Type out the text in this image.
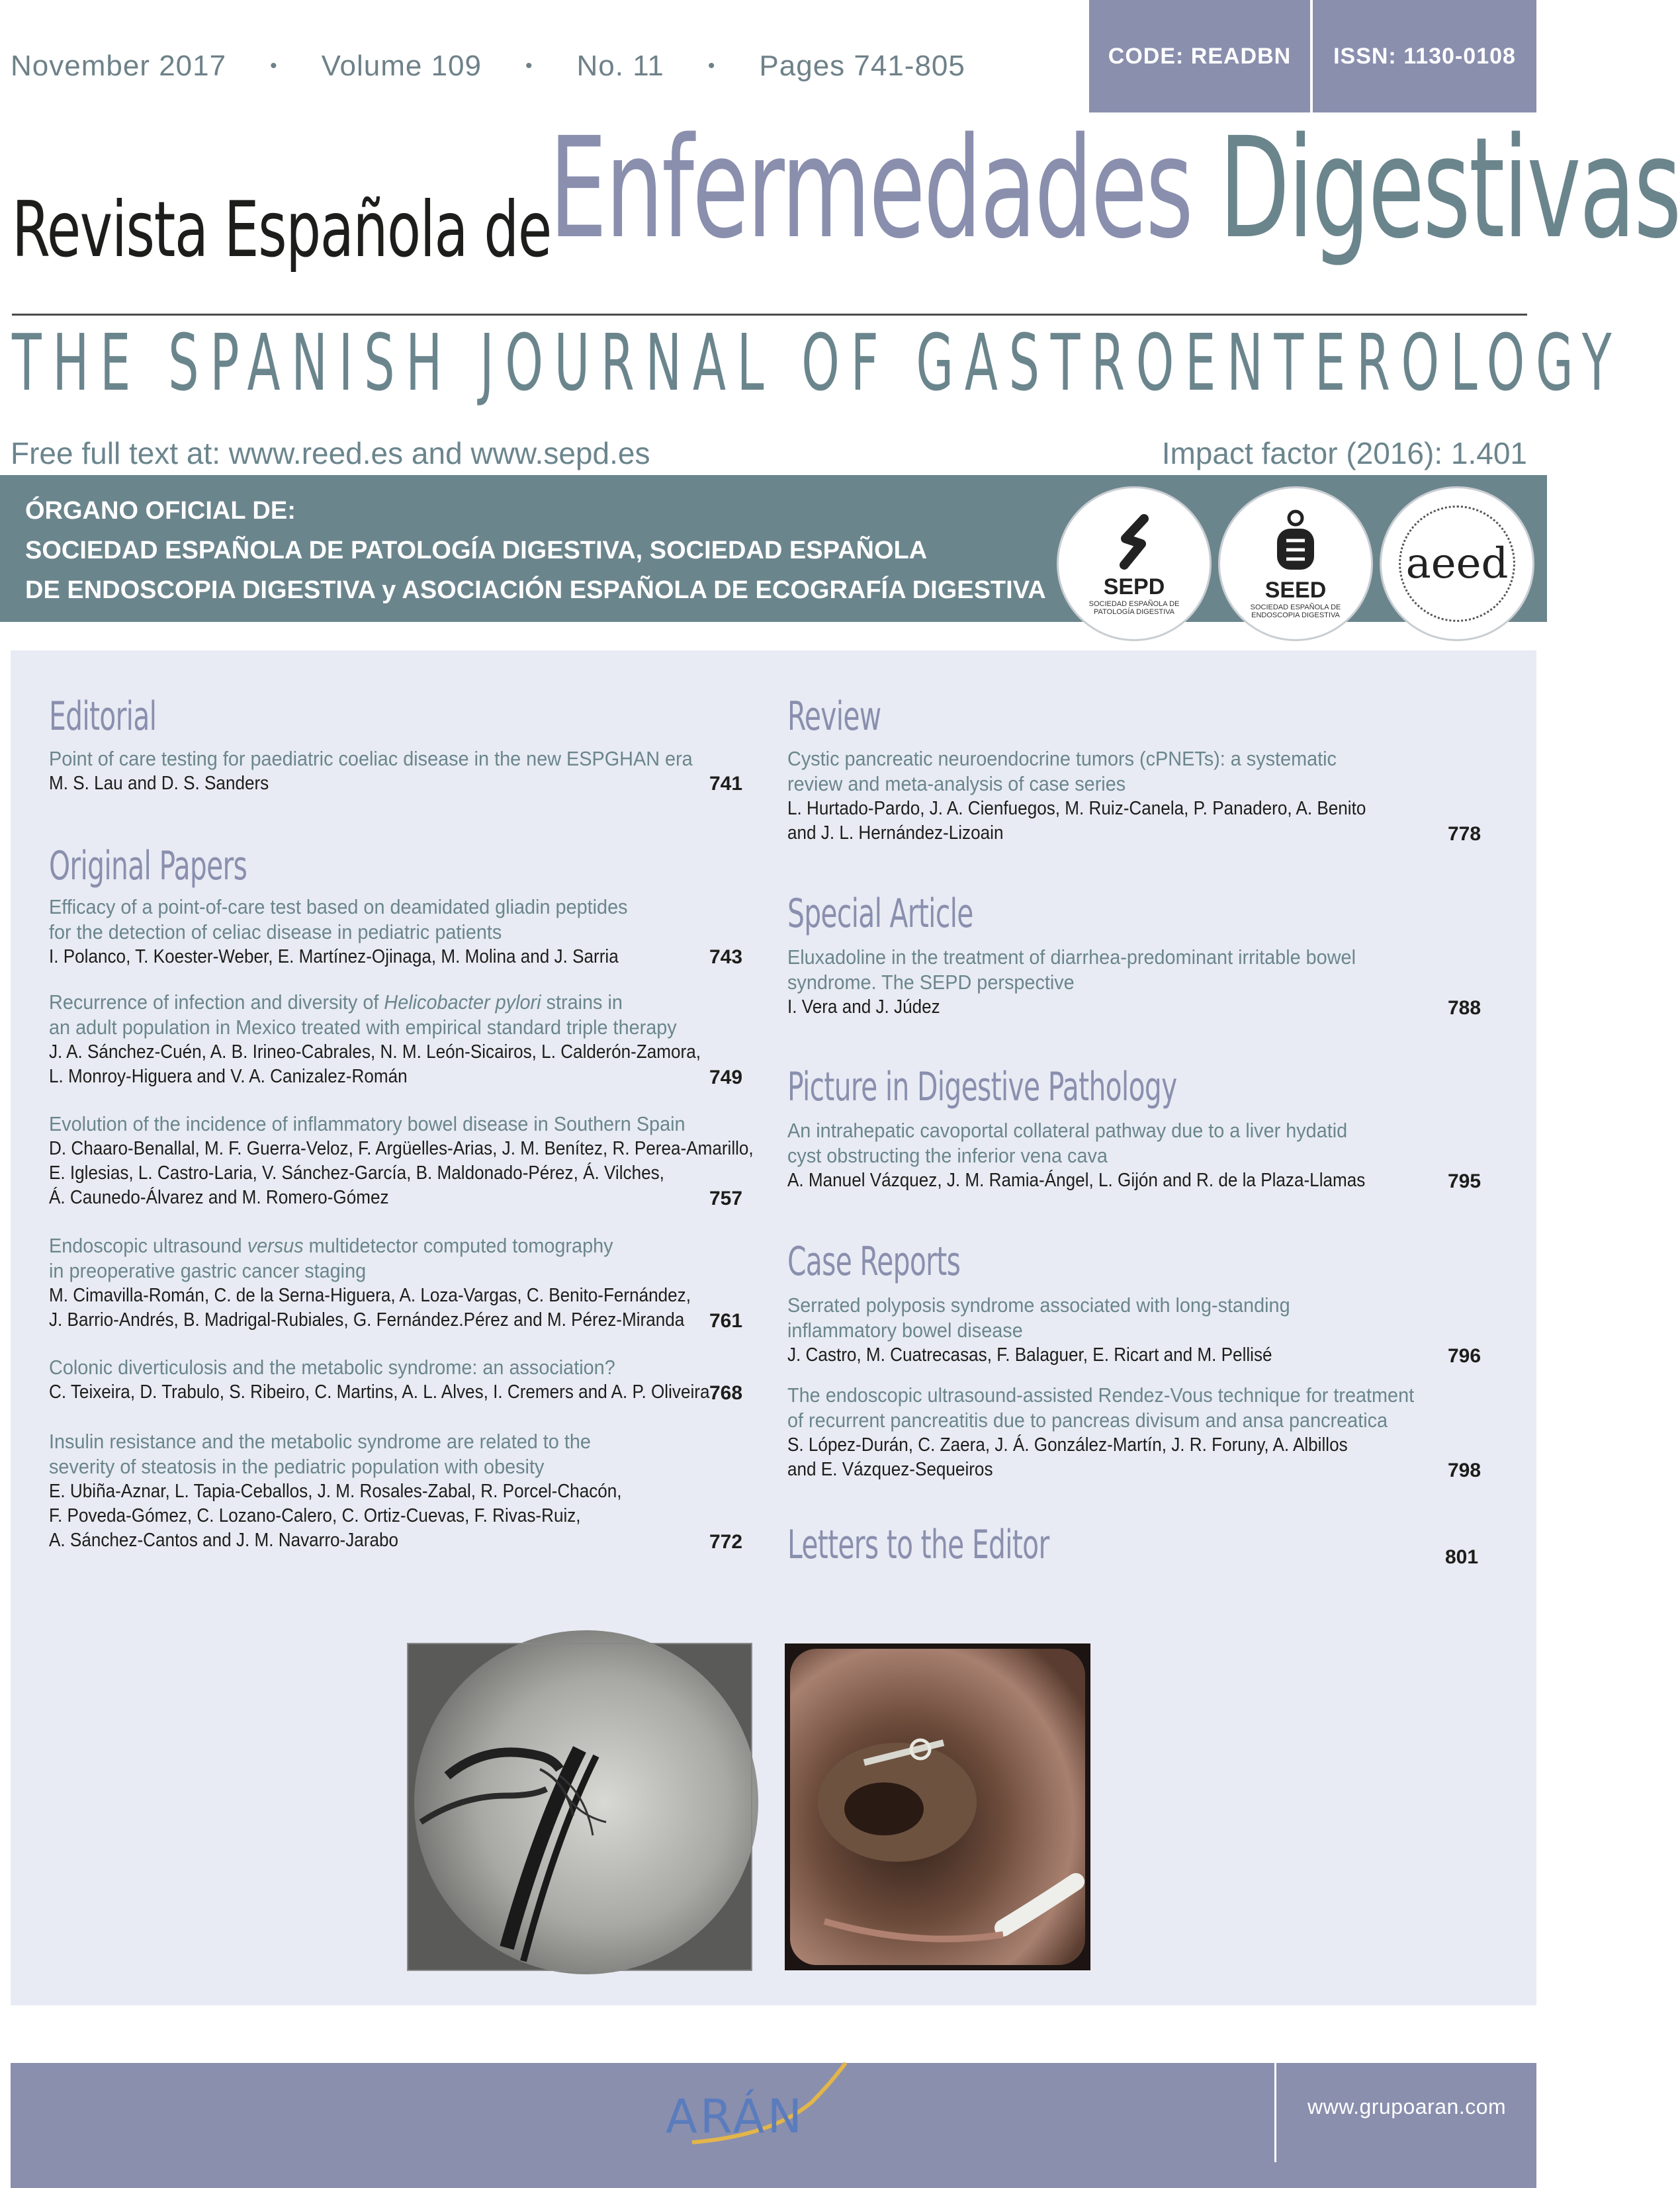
November 2017 • Volume 109 • No. 11 • Pages 741-805	CODE: READBN	ISSN: 1130-0108
Revista Española de
Enfermedades Digestivas
THE SPANISH JOURNAL OF GASTROENTEROLOGY
Free full text at: www.reed.es and www.sepd.es	Impact factor (2016): 1.401
ÓRGANO OFICIAL DE:
SOCIEDAD ESPAÑOLA DE PATOLOGÍA DIGESTIVA, SOCIEDAD ESPAÑOLA
DE ENDOSCOPIA DIGESTIVA y ASOCIACIÓN ESPAÑOLA DE ECOGRAFÍA DIGESTIVA	SEPD
SOCIEDAD ESPAÑOLA DE PATOLOGÍA DIGESTIVA
SEED
SOCIEDAD ESPAÑOLA DE ENDOSCOPIA DIGESTIVA
aeed
Editorial
Point of care testing for paediatric coeliac disease in the new ESPGHAN era
M. S. Lau and D. S. Sanders	741
Original Papers
Efficacy of a point-of-care test based on deamidated gliadin peptides
for the detection of celiac disease in pediatric patients
I. Polanco, T. Koester-Weber, E. Martínez-Ojinaga, M. Molina and J. Sarria	743
Recurrence of infection and diversity of Helicobacter pylori strains in
an adult population in Mexico treated with empirical standard triple therapy
J. A. Sánchez-Cuén, A. B. Irineo-Cabrales, N. M. León-Sicairos, L. Calderón-Zamora,
L. Monroy-Higuera and V. A. Canizalez-Román	749
Evolution of the incidence of inflammatory bowel disease in Southern Spain
D. Chaaro-Benallal, M. F. Guerra-Veloz, F. Argüelles-Arias, J. M. Benítez, R. Perea-Amarillo,
E. Iglesias, L. Castro-Laria, V. Sánchez-García, B. Maldonado-Pérez, Á. Vilches,
Á. Caunedo-Álvarez and M. Romero-Gómez	757
Endoscopic ultrasound versus multidetector computed tomography
in preoperative gastric cancer staging
M. Cimavilla-Román, C. de la Serna-Higuera, A. Loza-Vargas, C. Benito-Fernández,
J. Barrio-Andrés, B. Madrigal-Rubiales, G. Fernández.Pérez and M. Pérez-Miranda 761
Colonic diverticulosis and the metabolic syndrome: an association?
C. Teixeira, D. Trabulo, S. Ribeiro, C. Martins, A. L. Alves, I. Cremers and A. P. Oliveira 768
Insulin resistance and the metabolic syndrome are related to the
severity of steatosis in the pediatric population with obesity
E. Ubiña-Aznar, L. Tapia-Ceballos, J. M. Rosales-Zabal, R. Porcel-Chacón,
F. Poveda-Gómez, C. Lozano-Calero, C. Ortiz-Cuevas, F. Rivas-Ruiz,
A. Sánchez-Cantos and J. M. Navarro-Jarabo	772
Review
Cystic pancreatic neuroendocrine tumors (cPNETs): a systematic
review and meta-analysis of case series
L. Hurtado-Pardo, J. A. Cienfuegos, M. Ruiz-Canela, P. Panadero, A. Benito
and J. L. Hernández-Lizoain	778
Special Article
Eluxadoline in the treatment of diarrhea-predominant irritable bowel
syndrome. The SEPD perspective
I. Vera and J. Júdez	788
Picture in Digestive Pathology
An intrahepatic cavoportal collateral pathway due to a liver hydatid
cyst obstructing the inferior vena cava
A. Manuel Vázquez, J. M. Ramia-Ángel, L. Gijón and R. de la Plaza-Llamas	795
Case Reports
Serrated polyposis syndrome associated with long-standing
inflammatory bowel disease
J. Castro, M. Cuatrecasas, F. Balaguer, E. Ricart and M. Pellisé	796
The endoscopic ultrasound-assisted Rendez-Vous technique for treatment
of recurrent pancreatitis due to pancreas divisum and ansa pancreatica
S. López-Durán, C. Zaera, J. Á. González-Martín, J. R. Foruny, A. Albillos
and E. Vázquez-Sequeiros	798
Letters to the Editor	801
ARÁN	www.grupoaran.com
